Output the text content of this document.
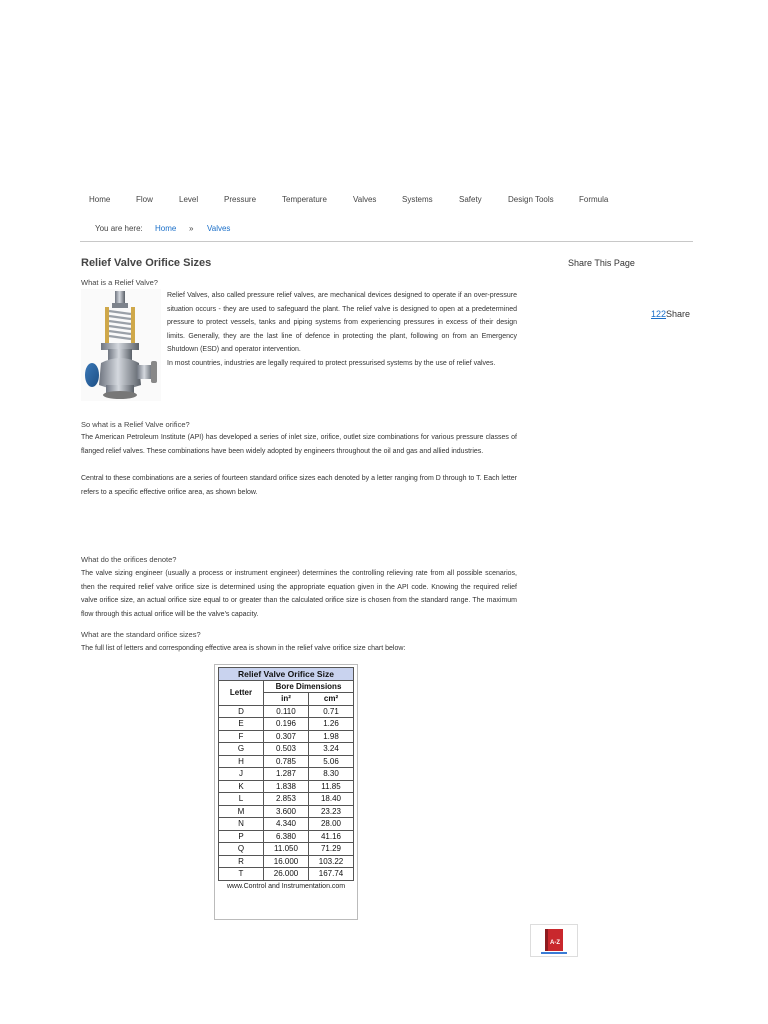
Home	Flow	Level	Pressure	Temperature	Valves	Systems	Safety	Design Tools	Formula
You are here: Home » Valves
Relief Valve Orifice Sizes	Share This Page
122Share
What is a Relief Valve?
Relief Valves, also called pressure relief valves, are mechanical devices designed to operate if an over-pressure situation occurs - they are used to safeguard the plant. The relief valve is designed to open at a predetermined pressure to protect vessels, tanks and piping systems from experiencing pressures in excess of their design limits. Generally, they are the last line of defence in protecting the plant, following on from an Emergency Shutdown (ESD) and operator intervention.
In most countries, industries are legally required to protect pressurised systems by the use of relief valves.
So what is a Relief Valve orifice?
The American Petroleum Institute (API) has developed a series of inlet size, orifice, outlet size combinations for various pressure classes of flanged relief valves. These combinations have been widely adopted by engineers throughout the oil and gas and allied industries.
Central to these combinations are a series of fourteen standard orifice sizes each denoted by a letter ranging from D through to T. Each letter refers to a specific effective orifice area, as shown below.
What do the orifices denote?
The valve sizing engineer (usually a process or instrument engineer) determines the controlling relieving rate from all possible scenarios, then the required relief valve orifice size is determined using the appropriate equation given in the API code. Knowing the required relief valve orifice size, an actual orifice size equal to or greater than the calculated orifice size is chosen from the standard range. The maximum flow through this actual orifice will be the valve's capacity.
What are the standard orifice sizes?
The full list of letters and corresponding effective area is shown in the relief valve orifice size chart below:
Relief Valve Orifice Size		
Letter	Bore Dimensions	
	in²	cm²
D	0.110	0.71
E	0.196	1.26
F	0.307	1.98
G	0.503	3.24
H	0.785	5.06
J	1.287	8.30
K	1.838	11.85
L	2.853	18.40
M	3.600	23.23
N	4.340	28.00
P	6.380	41.16
Q	11.050	71.29
R	16.000	103.22
T	26.000	167.74
www.Control and Instrumentation.com
A-Z
